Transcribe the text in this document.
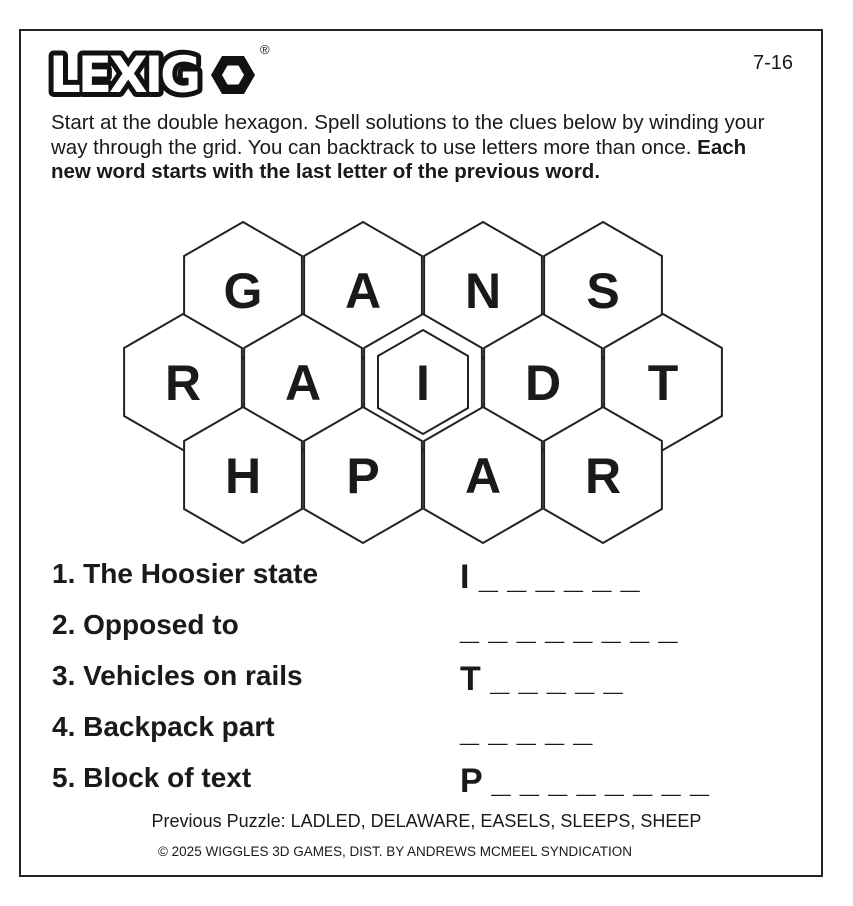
LEXIG	®
7-16

Start at the double hexagon. Spell solutions to the clues below by winding your way through the grid. You can backtrack to use letters more than once. Each new word starts with the last letter of the previous word.

G A N S
R A I D T
H P A R
1. The Hoosier state	I _ _ _ _ _ _
2. Opposed to	_ _ _ _ _ _ _ _
3. Vehicles on rails	T _ _ _ _ _
4. Backpack part	_ _ _ _ _
5. Block of text	P _ _ _ _ _ _ _ _
Previous Puzzle: LADLED, DELAWARE, EASELS, SLEEPS, SHEEP
© 2025 WIGGLES 3D GAMES, DIST. BY ANDREWS MCMEEL SYNDICATION
